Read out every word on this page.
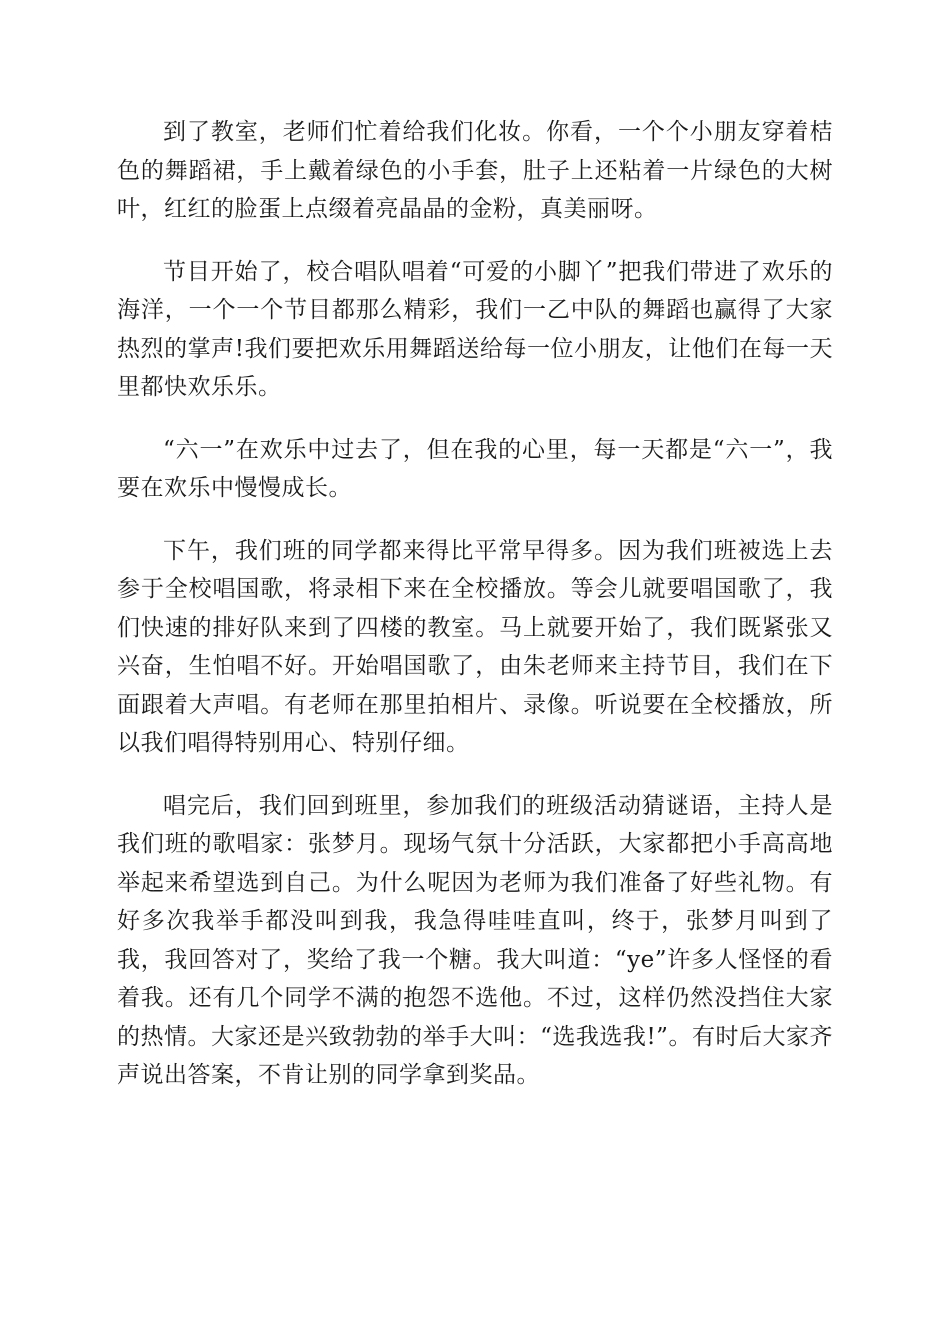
到了教室，老师们忙着给我们化妆。你看，一个个小朋友穿着桔色的舞蹈裙，手上戴着绿色的小手套，肚子上还粘着一片绿色的大树叶，红红的脸蛋上点缀着亮晶晶的金粉，真美丽呀。

节目开始了，校合唱队唱着“可爱的小脚丫”把我们带进了欢乐的海洋，一个一个节目都那么精彩，我们一乙中队的舞蹈也赢得了大家热烈的掌声!我们要把欢乐用舞蹈送给每一位小朋友，让他们在每一天里都快欢乐乐。

“六一”在欢乐中过去了，但在我的心里，每一天都是“六一”，我要在欢乐中慢慢成长。

下午，我们班的同学都来得比平常早得多。因为我们班被选上去参于全校唱国歌，将录相下来在全校播放。等会儿就要唱国歌了，我们快速的排好队来到了四楼的教室。马上就要开始了，我们既紧张又兴奋，生怕唱不好。开始唱国歌了，由朱老师来主持节目，我们在下面跟着大声唱。有老师在那里拍相片、录像。听说要在全校播放，所以我们唱得特别用心、特别仔细。

唱完后，我们回到班里，参加我们的班级活动猜谜语，主持人是我们班的歌唱家：张梦月。现场气氛十分活跃，大家都把小手高高地举起来希望选到自己。为什么呢因为老师为我们准备了好些礼物。有好多次我举手都没叫到我，我急得哇哇直叫，终于，张梦月叫到了我，我回答对了，奖给了我一个糖。我大叫道：“ye”许多人怪怪的看着我。还有几个同学不满的抱怨不选他。不过，这样仍然没挡住大家的热情。大家还是兴致勃勃的举手大叫：“选我选我!”。有时后大家齐声说出答案，不肯让别的同学拿到奖品。
